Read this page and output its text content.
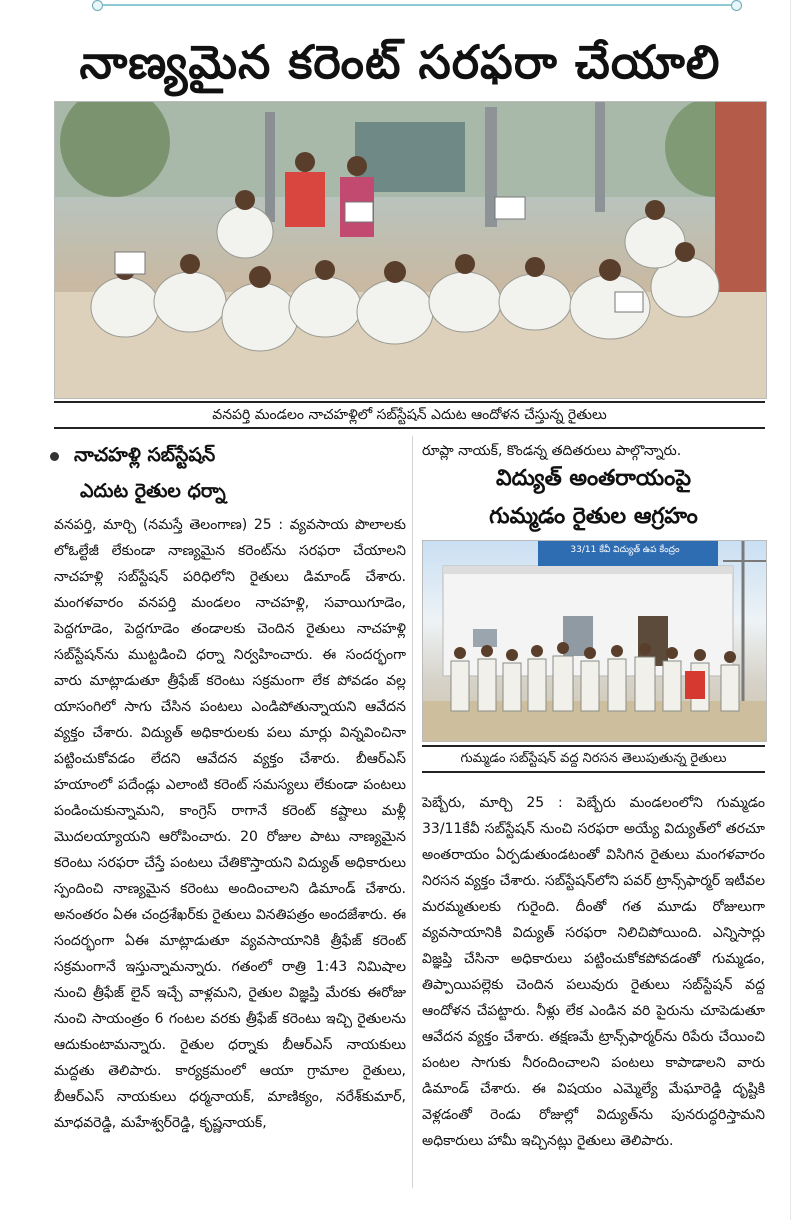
నాణ్యమైన కరెంట్‌ సరఫరా చేయాలి
వనపర్తి మండలం నాచహళ్లిలో సబ్‌స్టేషన్‌ ఎదుట ఆందోళన చేస్తున్న రైతులు
నాచహళ్లి సబ్‌స్టేషన్‌
ఎదుట రైతుల ధర్నా

వనపర్తి, మార్చి (నమస్తే తెలంగాణ) 25 : వ్యవసాయ పొలాలకు లోఓల్టేజీ లేకుండా నాణ్యమైన కరెంట్‌ను సరఫరా చేయాలని నాచహళ్లి సబ్‌స్టేషన్‌ పరిధిలోని రైతులు డిమాండ్‌ చేశారు. మంగళవారం వనపర్తి మండలం నాచహళ్లి, సవాయిగూడెం, పెద్దగూడెం, పెద్దగూడెం తండాలకు చెందిన రైతులు నాచహళ్లి సబ్‌స్టేషన్‌ను ముట్టడించి ధర్నా నిర్వహించారు. ఈ సందర్భంగా వారు మాట్లాడుతూ త్రీఫేజ్‌ కరెంటు సక్రమంగా లేక పోవడం వల్ల యాసంగిలో సాగు చేసిన పంటలు ఎండిపోతున్నాయని ఆవేదన వ్యక్తం చేశారు. విద్యుత్‌ అధికారులకు పలు మార్లు విన్నవించినా పట్టించుకోవడం లేదని ఆవేదన వ్యక్తం చేశారు. బీఆర్‌ఎస్‌ హయాంలో పదేండ్లు ఎలాంటి కరెంట్‌ సమస్యలు లేకుండా పంటలు పండించుకున్నామని, కాంగ్రెస్‌ రాగానే కరెంట్‌ కష్టాలు మళ్లీ మొదలయ్యాయని ఆరోపించారు. 20 రోజుల పాటు నాణ్యమైన కరెంటు సరఫరా చేస్తే పంటలు చేతికొస్తాయని విద్యుత్‌ అధికారులు స్పందించి నాణ్యమైన కరెంటు అందించాలని డిమాండ్‌ చేశారు. అనంతరం ఏఈ చంద్రశేఖర్‌కు రైతులు వినతిపత్రం అందజేశారు. ఈ సందర్భంగా ఏఈ మాట్లాడుతూ వ్యవసాయానికి త్రీఫేజ్‌ కరెంట్‌ సక్రమంగానే ఇస్తున్నామన్నారు. గతంలో రాత్రి 1:43 నిమిషాల నుంచి త్రీఫేజ్‌ లైన్‌ ఇచ్చే వాళ్లమని, రైతుల విజ్ఞప్తి మేరకు ఈరోజు నుంచి సాయంత్రం 6 గంటల వరకు త్రీఫేజ్‌ కరెంటు ఇచ్చి రైతులను ఆదుకుంటామన్నారు. రైతుల ధర్నాకు బీఆర్‌ఎస్‌ నాయకులు మద్దతు తెలిపారు. కార్యక్రమంలో ఆయా గ్రామాల రైతులు, బీఆర్‌ఎస్‌ నాయకులు ధర్మనాయక్‌, మాణిక్యం, నరేశ్‌కుమార్‌, మాధవరెడ్డి, మహేశ్వర్‌రెడ్డి, కృష్ణనాయక్‌,

రూప్లా నాయక్‌, కొండన్న తదితరులు పాల్గొన్నారు.
విద్యుత్‌ అంతరాయంపై
గుమ్మడం రైతుల ఆగ్రహం
33/11 కేవీ విద్యుత్‌ ఉప కేంద్రం
గుమ్మడం సబ్‌స్టేషన్‌ వద్ద నిరసన తెలుపుతున్న రైతులు

పెబ్బేరు, మార్చి 25 : పెబ్బేరు మండలంలోని గుమ్మడం 33/11కేవీ సబ్‌స్టేషన్‌ నుంచి సరఫరా అయ్యే విద్యుత్‌లో తరచూ అంతరాయం ఏర్పడుతుండటంతో విసిగిన రైతులు మంగళవారం నిరసన వ్యక్తం చేశారు. సబ్‌స్టేషన్‌లోని పవర్‌ ట్రాన్స్‌ఫార్మర్‌ ఇటీవల మరమ్మతులకు గురైంది. దీంతో గత మూడు రోజులుగా వ్యవసాయానికి విద్యుత్‌ సరఫరా నిలిచిపోయింది. ఎన్నిసార్లు విజ్ఞప్తి చేసినా అధికారులు పట్టించుకోకపోవడంతో గుమ్మడం, తిప్పాయిపల్లెకు చెందిన పలువురు రైతులు సబ్‌స్టేషన్‌ వద్ద ఆందోళన చేపట్టారు. నీళ్లు లేక ఎండిన వరి పైరును చూపెడుతూ ఆవేదన వ్యక్తం చేశారు. తక్షణమే ట్రాన్స్‌ఫార్మర్‌ను రిపేరు చేయించి పంటల సాగుకు నీరందించాలని పంటలు కాపాడాలని వారు డిమాండ్‌ చేశారు. ఈ విషయం ఎమ్మెల్యే మేఘారెడ్డి దృష్టికి వెళ్లడంతో రెండు రోజుల్లో విద్యుత్‌ను పునరుద్ధరిస్తామని అధికారులు హామీ ఇచ్చినట్లు రైతులు తెలిపారు.
